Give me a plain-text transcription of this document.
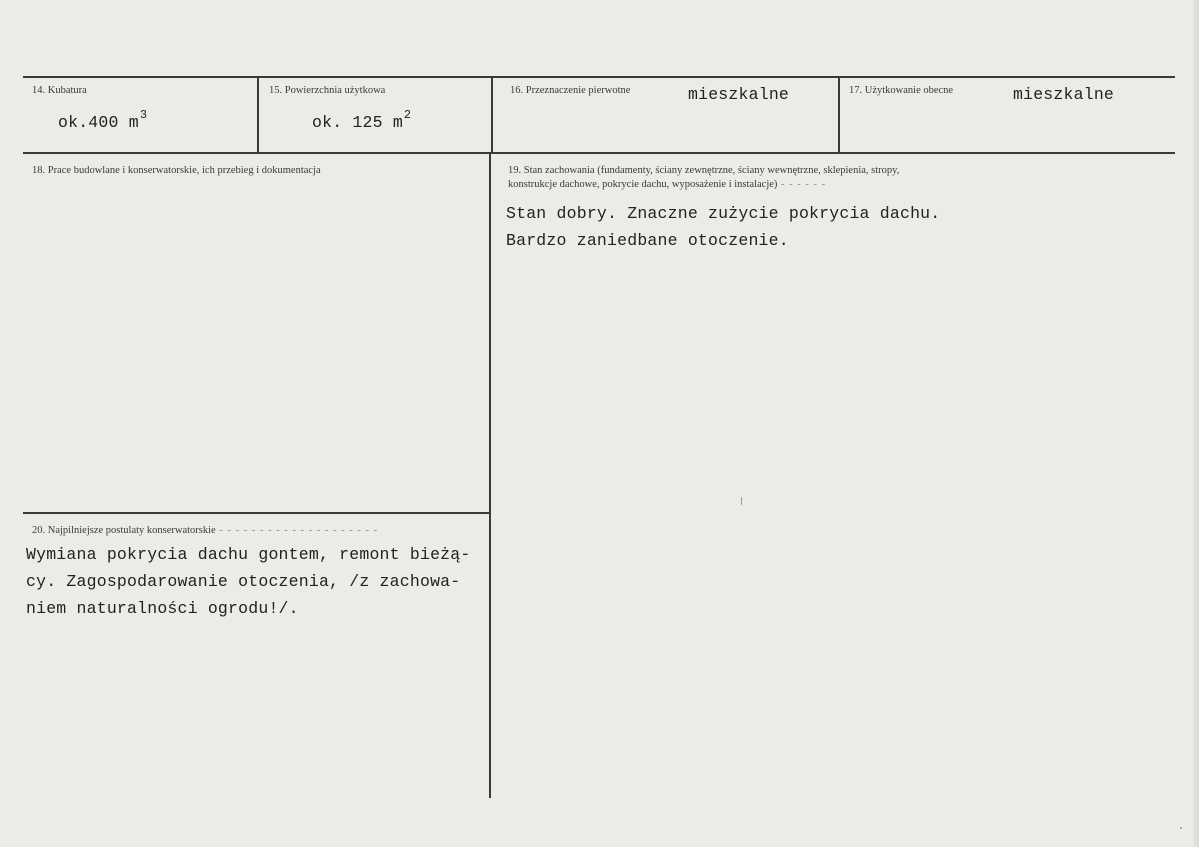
14. Kubatura
ok.400 $m^3$
15. Powierzchnia użytkowa
ok. 125 $m^2$
16. Przeznaczenie pierwotne	mieszkalne	17. Użytkowanie obecne	mieszkalne
18. Prace budowlane i konserwatorskie, ich przebieg i dokumentacja	19. Stan zachowania (fundamenty, ściany zewnętrzne, ściany wewnętrzne, sklepienia, stropy,
konstrukcje dachowe, pokrycie dachu, wyposażenie i instalacje) - - - - - -
Stan dobry. Znaczne zużycie pokrycia dachu.
Bardzo zaniedbane otoczenie.
20. Najpilniejsze postulaty konserwatorskie - - - - - - - - - - - - - - - - - - - -
Wymiana pokrycia dachu gontem, remont bieżą-
cy. Zagospodarowanie otoczenia, /z zachowa-
niem naturalności ogrodu!/.
